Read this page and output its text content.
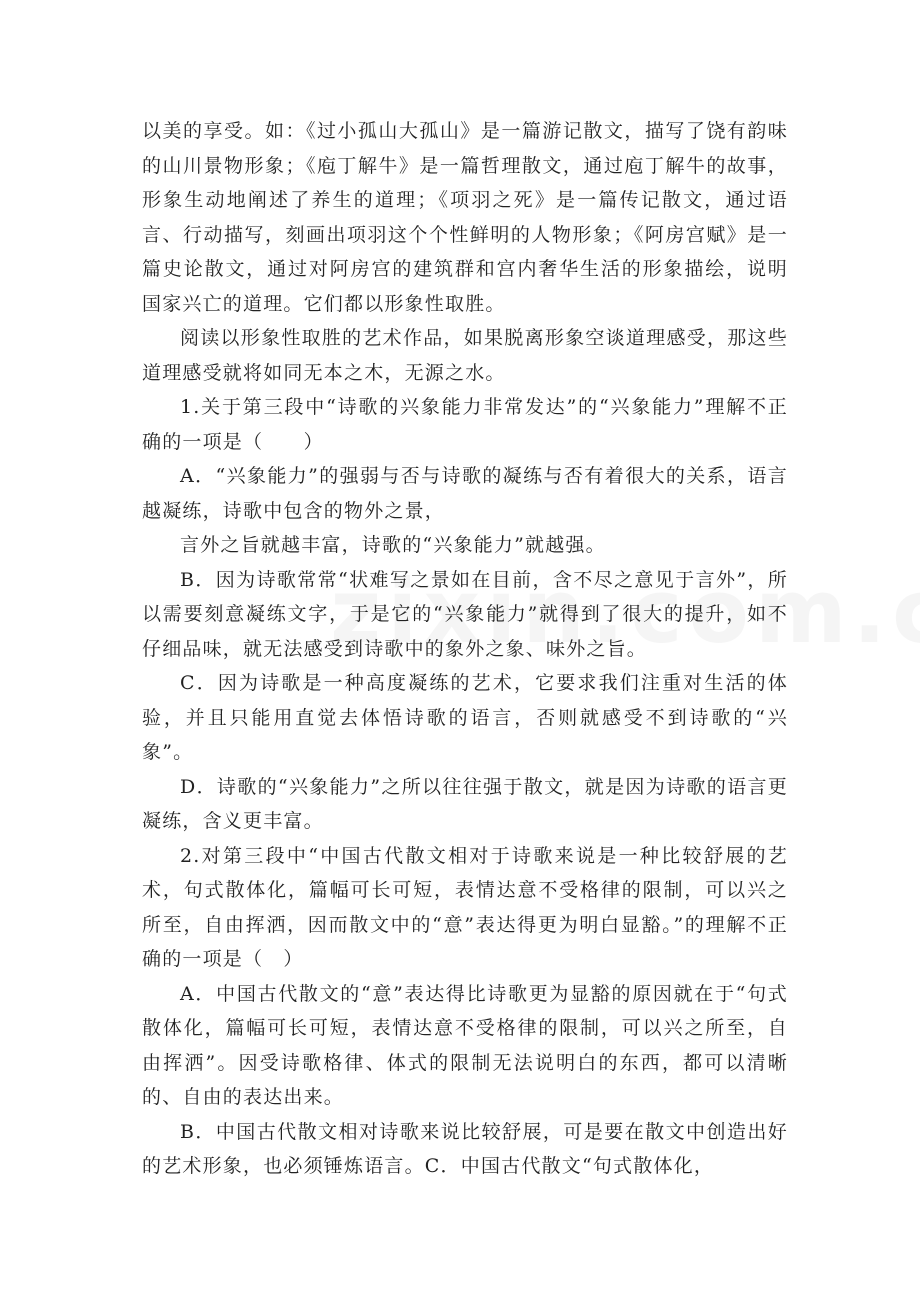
以美的享受。如：《过小孤山大孤山》是一篇游记散文，描写了饶有韵味的山川景物形象；《庖丁解牛》是一篇哲理散文，通过庖丁解牛的故事，形象生动地阐述了养生的道理；《项羽之死》是一篇传记散文，通过语言、行动描写，刻画出项羽这个个性鲜明的人物形象；《阿房宫赋》是一篇史论散文，通过对阿房宫的建筑群和宫内奢华生活的形象描绘，说明国家兴亡的道理。它们都以形象性取胜。

阅读以形象性取胜的艺术作品，如果脱离形象空谈道理感受，那这些道理感受就将如同无本之木，无源之水。

1.关于第三段中“诗歌的兴象能力非常发达”的“兴象能力”理解不正确的一项是（　　）

A．“兴象能力”的强弱与否与诗歌的凝练与否有着很大的关系，语言越凝练，诗歌中包含的物外之景，

言外之旨就越丰富，诗歌的“兴象能力”就越强。

B．因为诗歌常常“状难写之景如在目前，含不尽之意见于言外”，所以需要刻意凝练文字，于是它的“兴象能力”就得到了很大的提升，如不仔细品味，就无法感受到诗歌中的象外之象、味外之旨。

C．因为诗歌是一种高度凝练的艺术，它要求我们注重对生活的体验，并且只能用直觉去体悟诗歌的语言，否则就感受不到诗歌的“兴象”。

D．诗歌的“兴象能力”之所以往往强于散文，就是因为诗歌的语言更凝练，含义更丰富。

2.对第三段中“中国古代散文相对于诗歌来说是一种比较舒展的艺术，句式散体化，篇幅可长可短，表情达意不受格律的限制，可以兴之所至，自由挥洒，因而散文中的“意”表达得更为明白显豁。”的理解不正确的一项是（　）

A．中国古代散文的“意”表达得比诗歌更为显豁的原因就在于“句式散体化，篇幅可长可短，表情达意不受格律的限制，可以兴之所至，自由挥洒”。因受诗歌格律、体式的限制无法说明白的东西，都可以清晰的、自由的表达出来。

B．中国古代散文相对诗歌来说比较舒展，可是要在散文中创造出好的艺术形象，也必须锤炼语言。C．中国古代散文“句式散体化，
